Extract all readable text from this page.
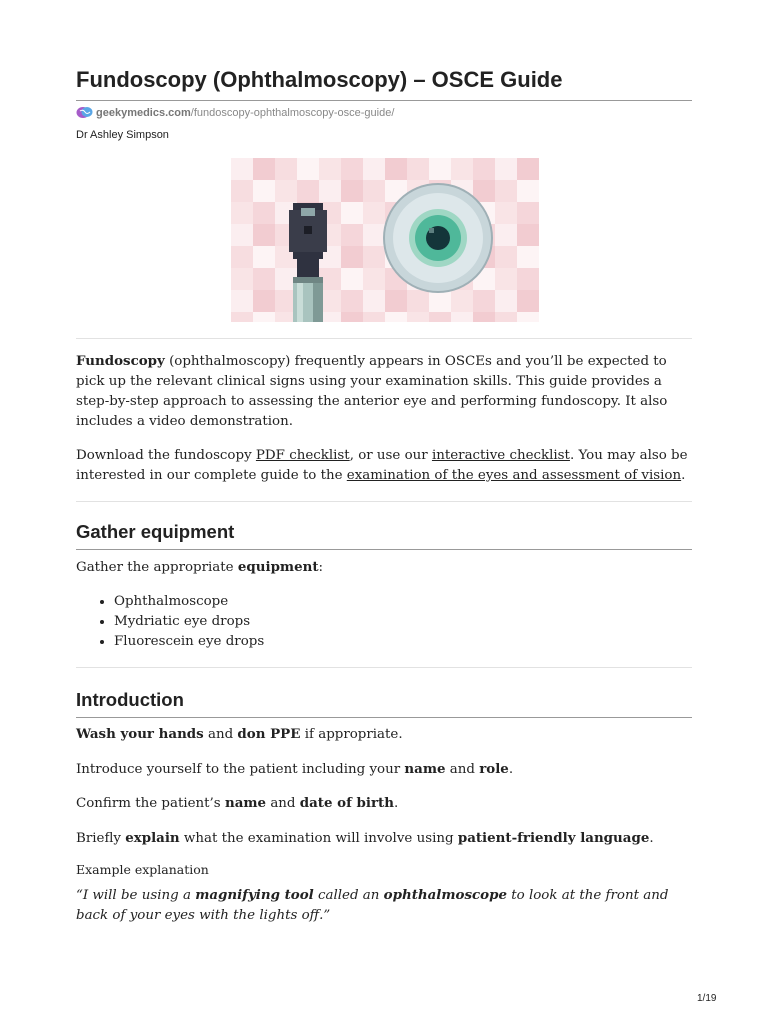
Fundoscopy (Ophthalmoscopy) – OSCE Guide
geekymedics.com /fundoscopy-ophthalmoscopy-osce-guide/
Dr Ashley Simpson

Fundoscopy (ophthalmoscopy) frequently appears in OSCEs and you’ll be expected to pick up the relevant clinical signs using your examination skills. This guide provides a step-by-step approach to assessing the anterior eye and performing fundoscopy. It also includes a video demonstration.

Download the fundoscopy PDF checklist, or use our interactive checklist. You may also be interested in our complete guide to the examination of the eyes and assessment of vision.

Gather equipment

Gather the appropriate equipment:

• Ophthalmoscope
• Mydriatic eye drops
• Fluorescein eye drops
Introduction

Wash your hands and don PPE if appropriate.

Introduce yourself to the patient including your name and role.

Confirm the patient’s name and date of birth.

Briefly explain what the examination will involve using patient-friendly language.

Example explanation

“I will be using a magnifying tool called an ophthalmoscope to look at the front and back of your eyes with the lights off.”

1/19
